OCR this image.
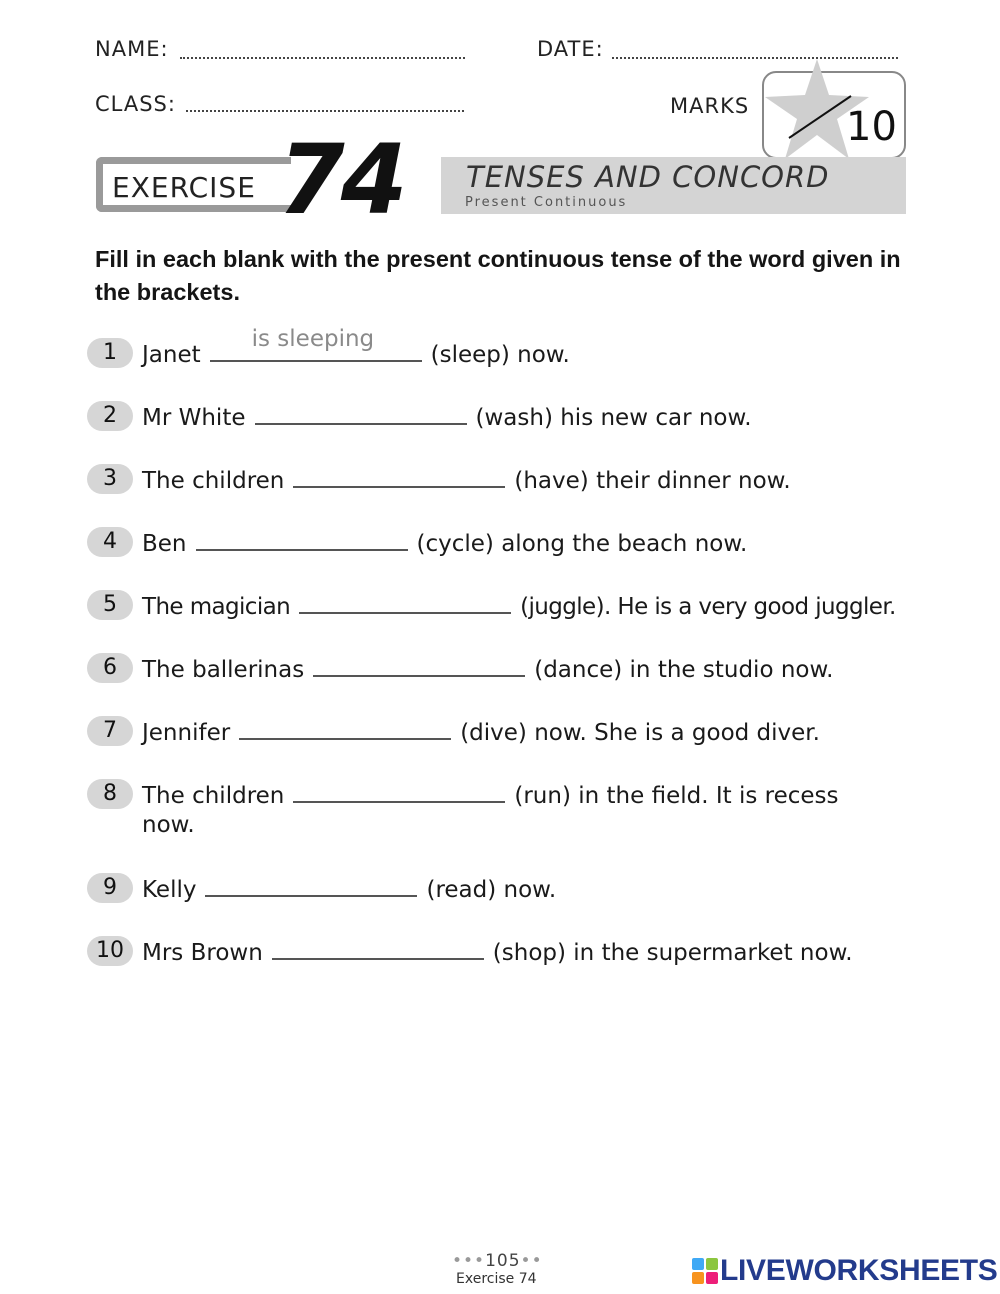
NAME:	DATE:
CLASS:	MARKS 10
EXERCISE 74 TENSES AND CONCORD
Present Continuous

Fill in each blank with the present continuous tense of the word given in the brackets.

1	Janet
is sleeping
(sleep) now.
2	Mr White	(wash) his new car now.
3	The children	(have) their dinner now.
4	Ben	(cycle) along the beach now.
5	The magician	(juggle). He is a very good juggler.
6	The ballerinas	(dance) in the studio now.
7	Jennifer	(dive) now. She is a good diver.
8	The children	(run) in the field. It is recess
now.
9	Kelly	(read) now.
10 Mrs Brown	(shop) in the supermarket now.
•••105••
Exercise 74	LIVEWORKSHEETS
